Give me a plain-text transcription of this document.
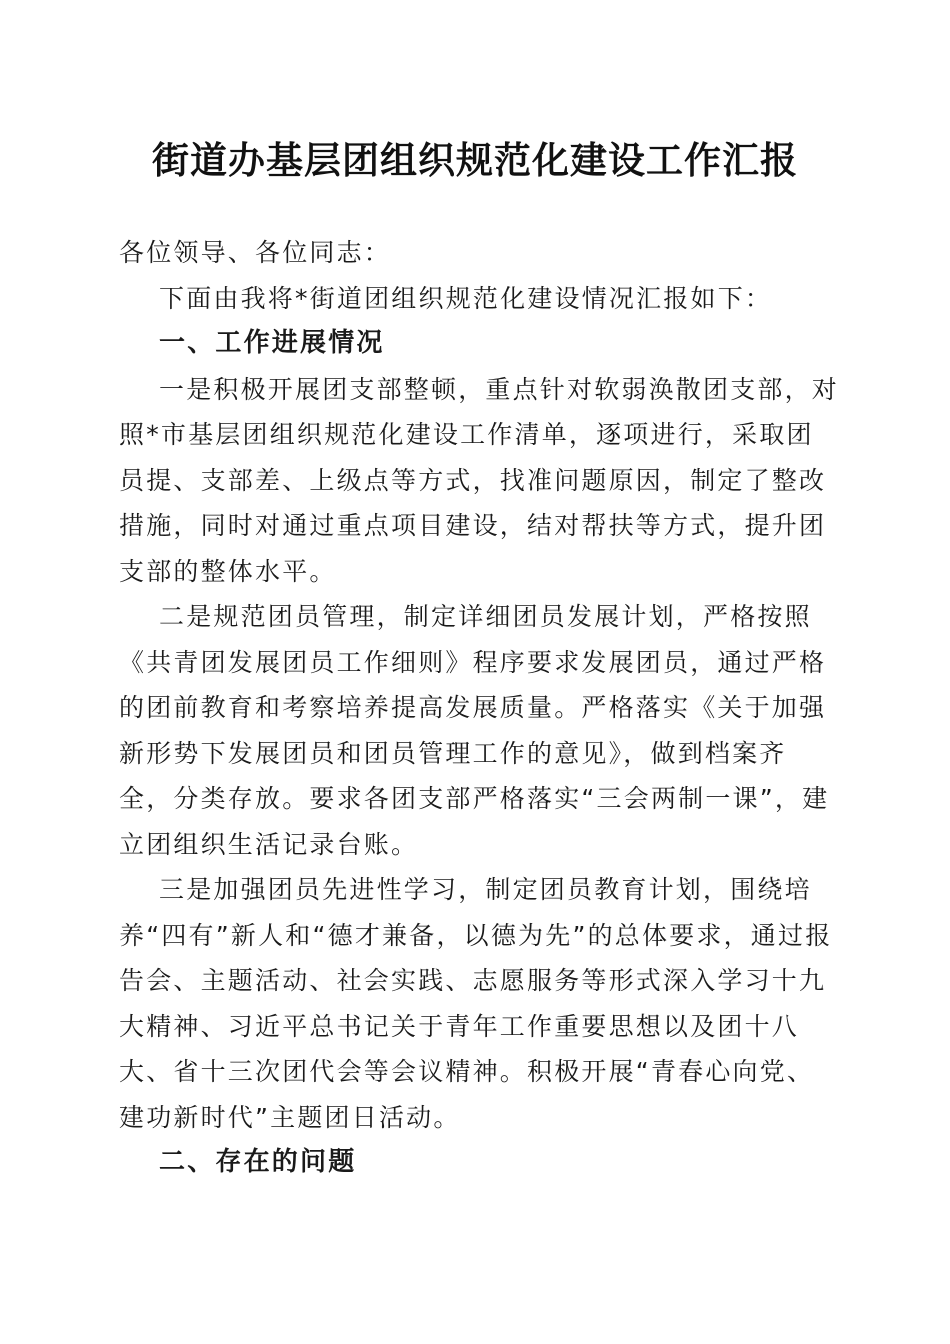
街道办基层团组织规范化建设工作汇报

各位领导、各位同志：

下面由我将*街道团组织规范化建设情况汇报如下：

一、工作进展情况

一是积极开展团支部整顿，重点针对软弱涣散团支部，对照*市基层团组织规范化建设工作清单，逐项进行，采取团员提、支部差、上级点等方式，找准问题原因，制定了整改措施，同时对通过重点项目建设，结对帮扶等方式，提升团支部的整体水平。

二是规范团员管理，制定详细团员发展计划，严格按照《共青团发展团员工作细则》程序要求发展团员，通过严格的团前教育和考察培养提高发展质量。严格落实《关于加强新形势下发展团员和团员管理工作的意见》，做到档案齐全，分类存放。要求各团支部严格落实“三会两制一课”，建立团组织生活记录台账。

三是加强团员先进性学习，制定团员教育计划，围绕培养“四有”新人和“德才兼备，以德为先”的总体要求，通过报告会、主题活动、社会实践、志愿服务等形式深入学习十九大精神、习近平总书记关于青年工作重要思想以及团十八大、省十三次团代会等会议精神。积极开展“青春心向党、建功新时代”主题团日活动。

二、存在的问题
